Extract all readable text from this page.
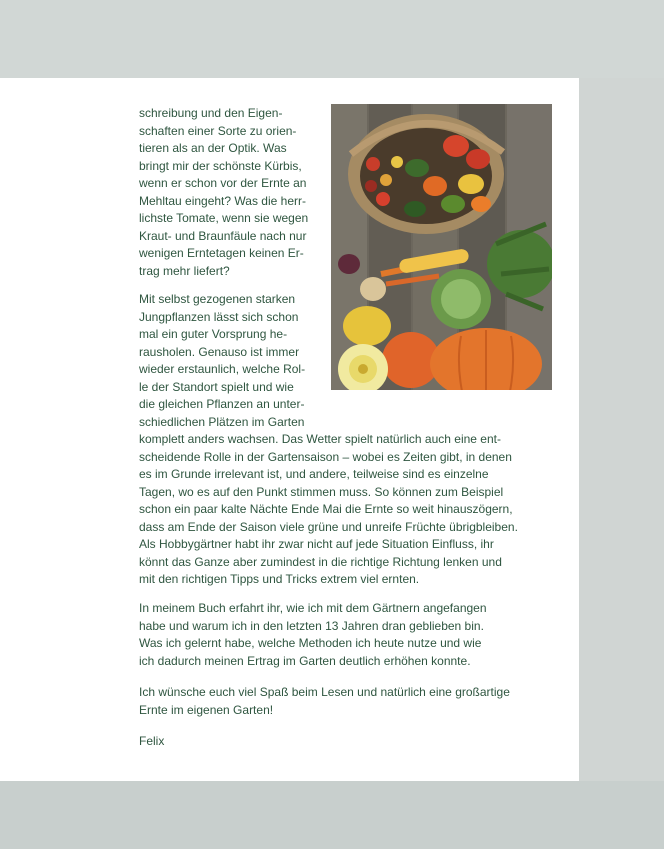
schreibung und den Eigen-
schaften einer Sorte zu orien-
tieren als an der Optik. Was
bringt mir der schönste Kürbis,
wenn er schon vor der Ernte an
Mehltau eingeht? Was die herr-
lichste Tomate, wenn sie wegen
Kraut- und Braunfäule nach nur
wenigen Erntetagen keinen Er-
trag mehr liefert?

Mit selbst gezogenen starken
Jungpflanzen lässt sich schon
mal ein guter Vorsprung he-
rausholen. Genauso ist immer
wieder erstaunlich, welche Rol-
le der Standort spielt und wie
die gleichen Pflanzen an unter-
schiedlichen Plätzen im Garten

komplett anders wachsen. Das Wetter spielt natürlich auch eine ent-
scheidende Rolle in der Gartensaison – wobei es Zeiten gibt, in denen
es im Grunde irrelevant ist, und andere, teilweise sind es einzelne
Tagen, wo es auf den Punkt stimmen muss. So können zum Beispiel
schon ein paar kalte Nächte Ende Mai die Ernte so weit hinauszögern,
dass am Ende der Saison viele grüne und unreife Früchte übrigbleiben.
Als Hobbygärtner habt ihr zwar nicht auf jede Situation Einfluss, ihr
könnt das Ganze aber zumindest in die richtige Richtung lenken und
mit den richtigen Tipps und Tricks extrem viel ernten.

In meinem Buch erfahrt ihr, wie ich mit dem Gärtnern angefangen
habe und warum ich in den letzten 13 Jahren dran geblieben bin.
Was ich gelernt habe, welche Methoden ich heute nutze und wie
ich dadurch meinen Ertrag im Garten deutlich erhöhen konnte.

Ich wünsche euch viel Spaß beim Lesen und natürlich eine großartige
Ernte im eigenen Garten!

Felix
